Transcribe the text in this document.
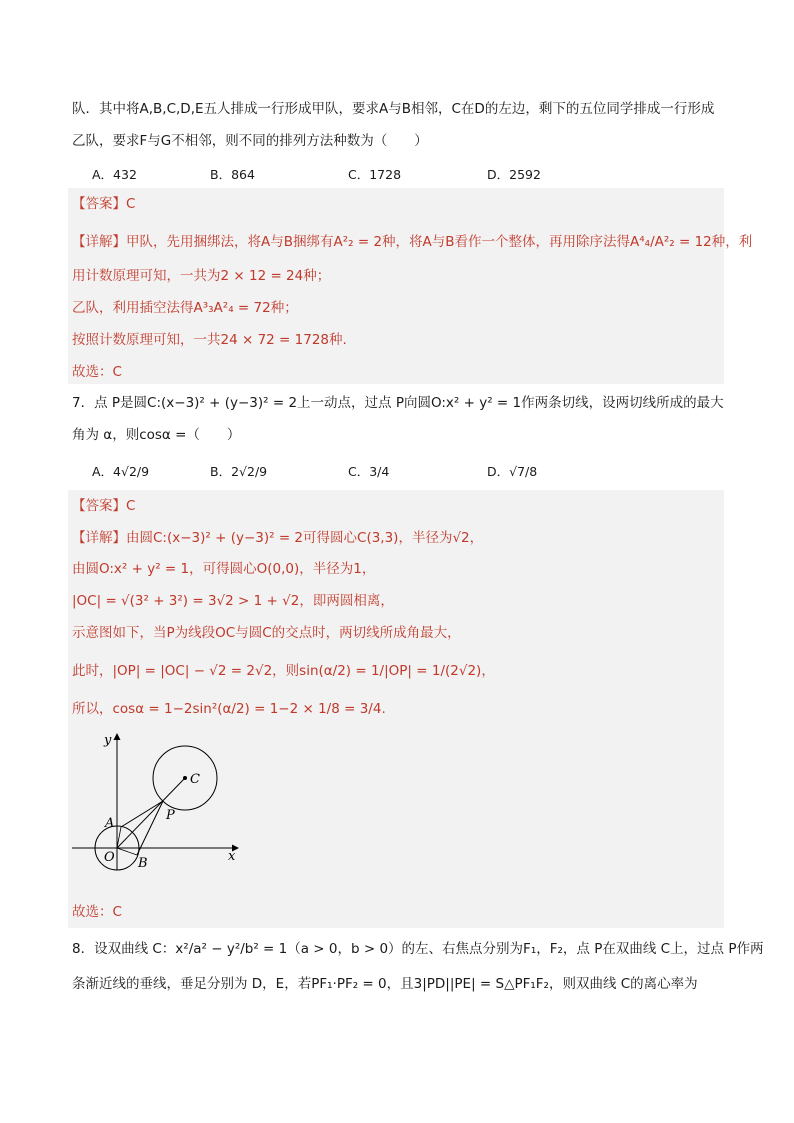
队．其中将A,B,C,D,E五人排成一行形成甲队，要求A与B相邻，C在D的左边，剩下的五位同学排成一行形成
乙队，要求F与G不相邻，则不同的排列方法种数为（　　）
A．432	B．864	C．1728	D．2592
【答案】C
【详解】甲队，先用捆绑法，将A与B捆绑有A²₂ = 2种，将A与B看作一个整体，再用除序法得A⁴₄/A²₂ = 12种，利
用计数原理可知，一共为2 × 12 = 24种；
乙队，利用插空法得A³₃A²₄ = 72种；
按照计数原理可知，一共24 × 72 = 1728种.
故选：C
7．点 P是圆C:(x−3)² + (y−3)² = 2上一动点，过点 P向圆O:x² + y² = 1作两条切线，设两切线所成的最大
角为 α，则cosα =（　　）
A．4√2/9	B．2√2/9	C．3/4	D．√7/8
【答案】C
【详解】由圆C:(x−3)² + (y−3)² = 2可得圆心C(3,3)，半径为√2，
由圆O:x² + y² = 1，可得圆心O(0,0)，半径为1，
|OC| = √(3² + 3²) = 3√2 > 1 + √2，即两圆相离，
示意图如下，当P为线段OC与圆C的交点时，两切线所成角最大，
此时，|OP| = |OC| − √2 = 2√2，则sin(α/2) = 1/|OP| = 1/(2√2)，
所以，cosα = 1−2sin²(α/2) = 1−2 × 1/8 = 3/4.
y
x
C
P
A
O B
故选：C
8．设双曲线 C：x²/a² − y²/b² = 1（a > 0，b > 0）的左、右焦点分别为F₁，F₂，点 P在双曲线 C上，过点 P作两
条渐近线的垂线，垂足分别为 D，E，若PF₁·PF₂ = 0，且3|PD||PE| = S△PF₁F₂，则双曲线 C的离心率为
